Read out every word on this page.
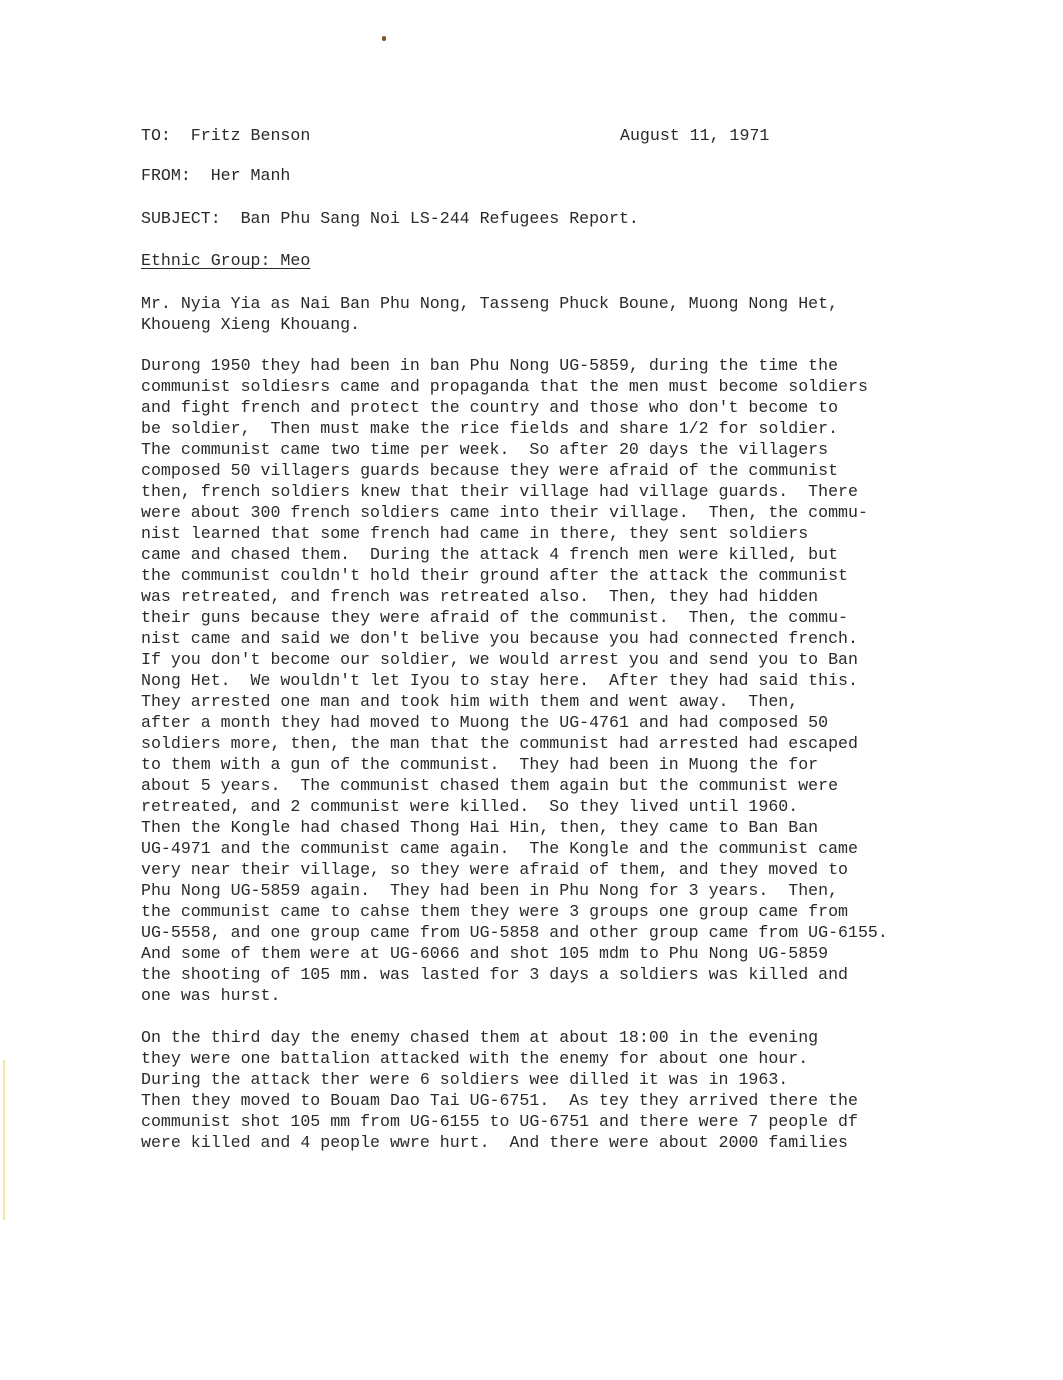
TO:  Fritz Benson	August 11, 1971
FROM:  Her Manh
SUBJECT:  Ban Phu Sang Noi LS-244 Refugees Report.
Ethnic Group: Meo
Mr. Nyia Yia as Nai Ban Phu Nong, Tasseng Phuck Boune, Muong Nong Het,
Khoueng Xieng Khouang.
Durong 1950 they had been in ban Phu Nong UG-5859, during the time the
communist soldiesrs came and propaganda that the men must become soldiers
and fight french and protect the country and those who don't become to
be soldier,  Then must make the rice fields and share 1/2 for soldier.
The communist came two time per week.  So after 20 days the villagers
composed 50 villagers guards because they were afraid of the communist
then, french soldiers knew that their village had village guards.  There
were about 300 french soldiers came into their village.  Then, the commu-
nist learned that some french had came in there, they sent soldiers
came and chased them.  During the attack 4 french men were killed, but
the communist couldn't hold their ground after the attack the communist
was retreated, and french was retreated also.  Then, they had hidden
their guns because they were afraid of the communist.  Then, the commu-
nist came and said we don't belive you because you had connected french.
If you don't become our soldier, we would arrest you and send you to Ban
Nong Het.  We wouldn't let Iyou to stay here.  After they had said this.
They arrested one man and took him with them and went away.  Then,
after a month they had moved to Muong the UG-4761 and had composed 50
soldiers more, then, the man that the communist had arrested had escaped
to them with a gun of the communist.  They had been in Muong the for
about 5 years.  The communist chased them again but the communist were
retreated, and 2 communist were killed.  So they lived until 1960.
Then the Kongle had chased Thong Hai Hin, then, they came to Ban Ban
UG-4971 and the communist came again.  The Kongle and the communist came
very near their village, so they were afraid of them, and they moved to
Phu Nong UG-5859 again.  They had been in Phu Nong for 3 years.  Then,
the communist came to cahse them they were 3 groups one group came from
UG-5558, and one group came from UG-5858 and other group came from UG-6155.
And some of them were at UG-6066 and shot 105 mdm to Phu Nong UG-5859
the shooting of 105 mm. was lasted for 3 days a soldiers was killed and
one was hurst.
On the third day the enemy chased them at about 18:00 in the evening
they were one battalion attacked with the enemy for about one hour.
During the attack ther were 6 soldiers wee dilled it was in 1963.
Then they moved to Bouam Dao Tai UG-6751.  As tey they arrived there the
communist shot 105 mm from UG-6155 to UG-6751 and there were 7 people df
were killed and 4 people wwre hurt.  And there were about 2000 families
